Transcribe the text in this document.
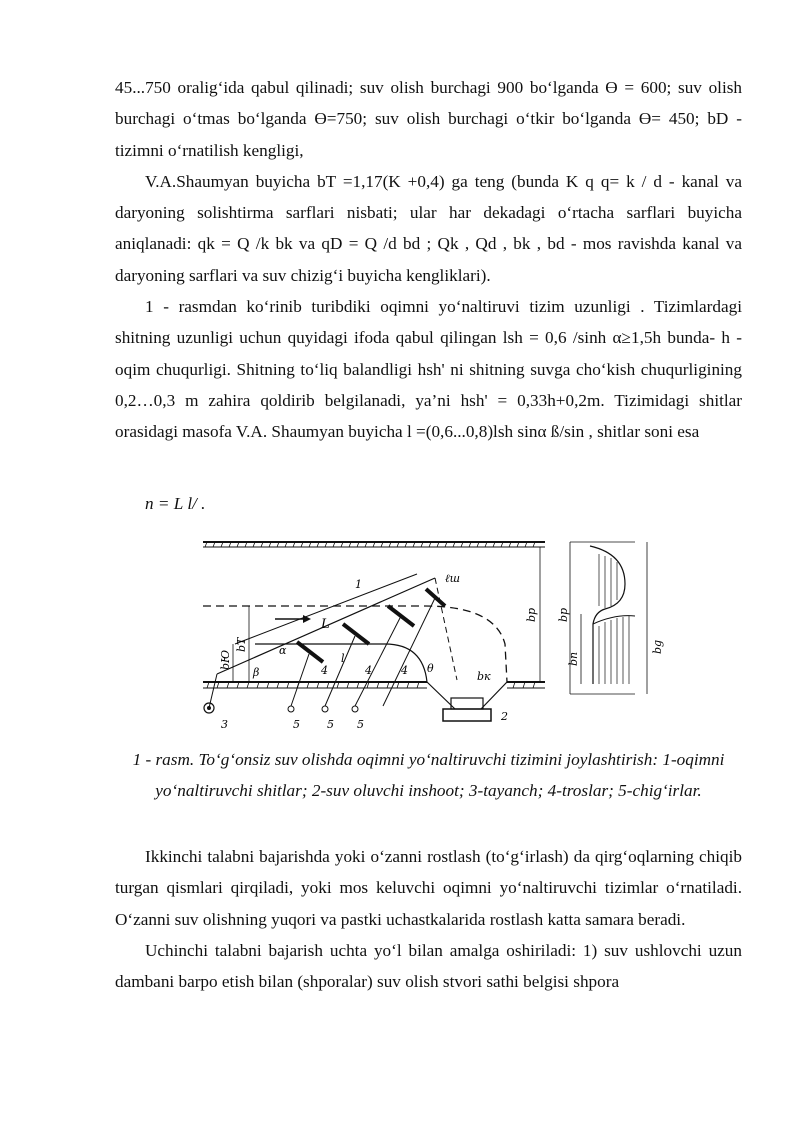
45...750 oralig‘ida qabul qilinadi; suv olish burchagi 900 bo‘lganda ϴ = 600; suv olish burchagi o‘tmas bo‘lganda ϴ=750; suv olish burchagi o‘tkir bo‘lganda ϴ= 450; bD - tizimni o‘rnatilish kengligi,

V.A.Shaumyan buyicha bT =1,17(K +0,4) ga teng (bunda K q q= k / d - kanal va daryoning solishtirma sarflari nisbati; ular har dekadagi o‘rtacha sarflari buyicha aniqlanadi: qk = Q /k bk va qD = Q /d bd ; Qk , Qd , bk , bd - mos ravishda kanal va daryoning sarflari va suv chizig‘i buyicha kengliklari).

1 - rasmdan ko‘rinib turibdiki oqimni yo‘naltiruvi tizim uzunligi . Tizimlardagi shitning uzunligi uchun quyidagi ifoda qabul qilingan lsh = 0,6 /sinh α≥1,5h bunda- h -oqim chuqurligi. Shitning to‘liq balandligi hsh' ni shitning suvga cho‘kish chuqurligining 0,2…0,3 m zahira qoldirib belgilanadi, ya’ni hsh' = 0,33h+0,2m. Tizimidagi shitlar orasidagi masofa V.A. Shaumyan buyicha l =(0,6...0,8)lsh sinα ß/sin , shitlar soni esa

n = L l/ .
ℓш
1
L
bp bp
bg
bn
bЮ
bT	α
l
β	θ
bк
4	4	4
2
3	5 5 5
1 - rasm. To‘g‘onsiz suv olishda oqimni yo‘naltiruvchi tizimini joylashtirish: 1-oqimni yo‘naltiruvchi shitlar; 2-suv oluvchi inshoot; 3-tayanch; 4-troslar; 5-chig‘irlar.

Ikkinchi talabni bajarishda yoki o‘zanni rostlash (to‘g‘irlash) da qirg‘oqlarning chiqib turgan qismlari qirqiladi, yoki mos keluvchi oqimni yo‘naltiruvchi tizimlar o‘rnatiladi. O‘zanni suv olishning yuqori va pastki uchastkalarida rostlash katta samara beradi.

Uchinchi talabni bajarish uchta yo‘l bilan amalga oshiriladi: 1) suv ushlovchi uzun dambani barpo etish bilan (shporalar) suv olish stvori sathi belgisi shpora
